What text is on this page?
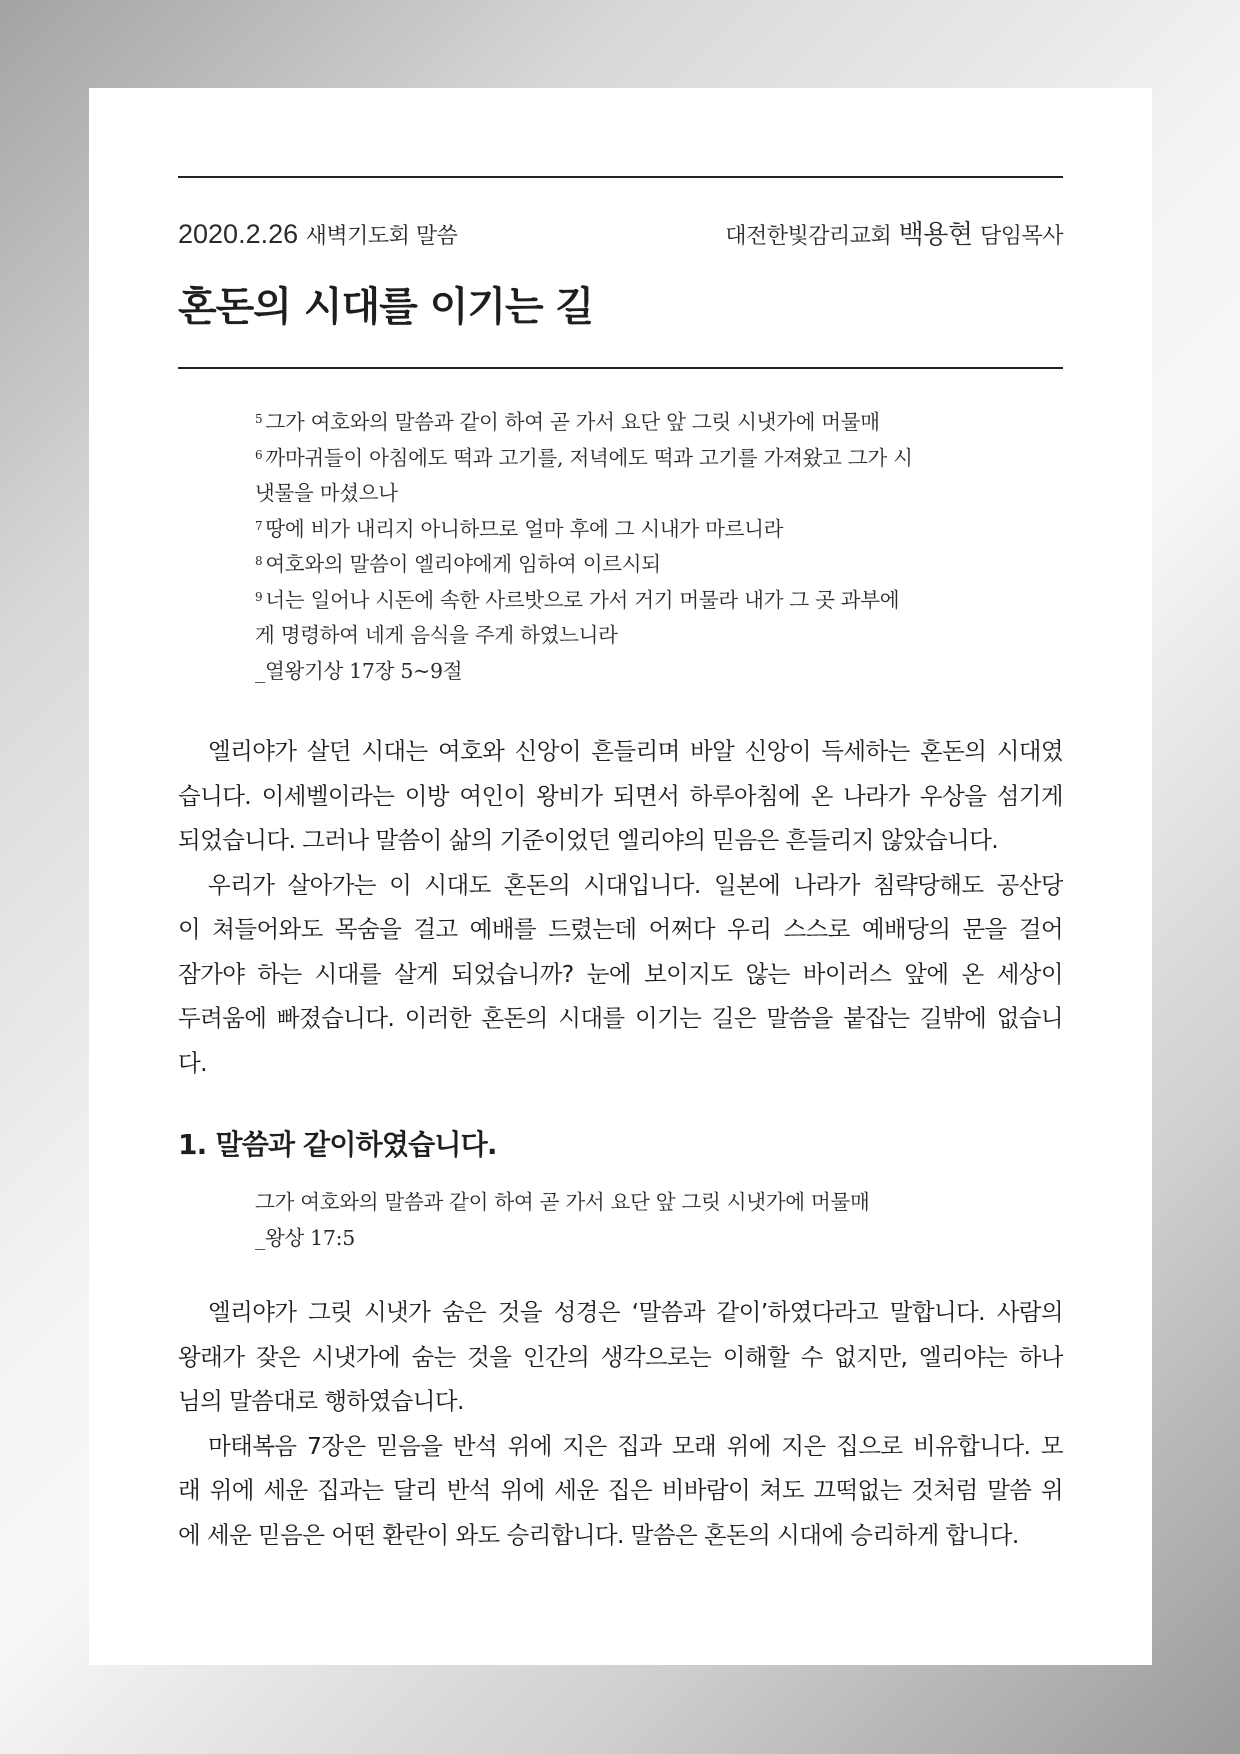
2020.2.26 새벽기도회 말씀	대전한빛감리교회 백용현 담임목사
혼돈의 시대를 이기는 길
$^5$ 그가 여호와의 말씀과 같이 하여 곧 가서 요단 앞 그릿 시냇가에 머물매
$^6$ 까마귀들이 아침에도 떡과 고기를, 저녁에도 떡과 고기를 가져왔고 그가 시
냇물을 마셨으나
$^7$ 땅에 비가 내리지 아니하므로 얼마 후에 그 시내가 마르니라
$^8$ 여호와의 말씀이 엘리야에게 임하여 이르시되
$^9$ 너는 일어나 시돈에 속한 사르밧으로 가서 거기 머물라 내가 그 곳 과부에
게 명령하여 네게 음식을 주게 하였느니라
_열왕기상 17장 5~9절
엘리야가 살던 시대는 여호와 신앙이 흔들리며 바알 신앙이 득세하는 혼돈의 시대였
습니다. 이세벨이라는 이방 여인이 왕비가 되면서 하루아침에 온 나라가 우상을 섬기게
되었습니다. 그러나 말씀이 삶의 기준이었던 엘리야의 믿음은 흔들리지 않았습니다.
우리가 살아가는 이 시대도 혼돈의 시대입니다. 일본에 나라가 침략당해도 공산당
이 쳐들어와도 목숨을 걸고 예배를 드렸는데 어쩌다 우리 스스로 예배당의 문을 걸어
잠가야 하는 시대를 살게 되었습니까? 눈에 보이지도 않는 바이러스 앞에 온 세상이
두려움에 빠졌습니다. 이러한 혼돈의 시대를 이기는 길은 말씀을 붙잡는 길밖에 없습니
다.
1. 말씀과 같이하였습니다.
그가 여호와의 말씀과 같이 하여 곧 가서 요단 앞 그릿 시냇가에 머물매
_왕상 17:5
엘리야가 그릿 시냇가 숨은 것을 성경은 ‘말씀과 같이’하였다라고 말합니다. 사람의
왕래가 잦은 시냇가에 숨는 것을 인간의 생각으로는 이해할 수 없지만, 엘리야는 하나
님의 말씀대로 행하였습니다.
마태복음 7장은 믿음을 반석 위에 지은 집과 모래 위에 지은 집으로 비유합니다. 모
래 위에 세운 집과는 달리 반석 위에 세운 집은 비바람이 쳐도 끄떡없는 것처럼 말씀 위
에 세운 믿음은 어떤 환란이 와도 승리합니다. 말씀은 혼돈의 시대에 승리하게 합니다.
